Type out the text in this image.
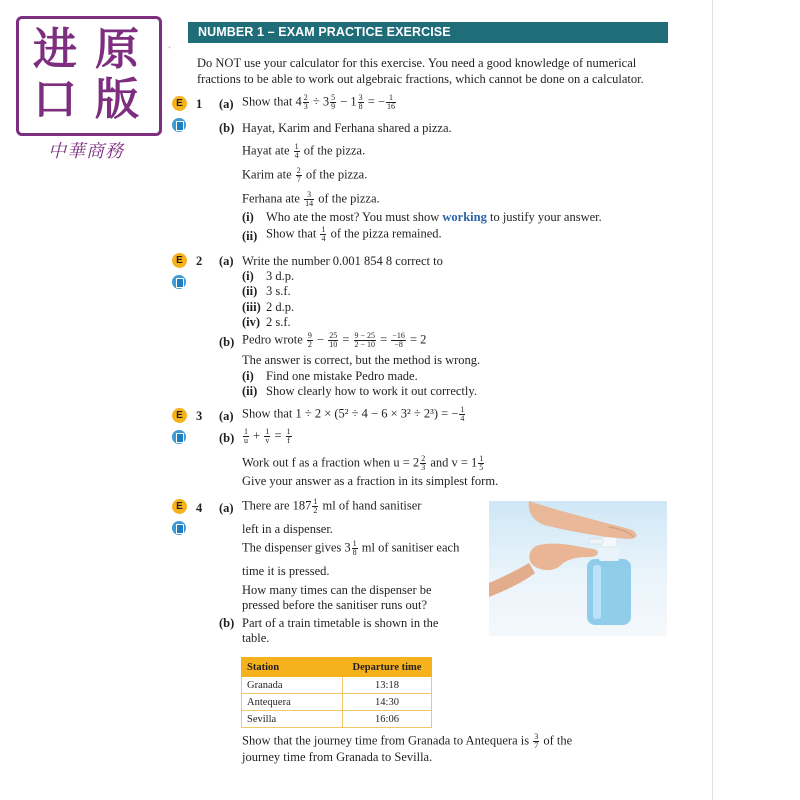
进 原
口 版
中華商務
NUMBER 1 – EXAM PRACTICE EXERCISE
ﾞ
Do NOT use your calculator for this exercise. You need a good knowledge of numerical
fractions to be able to work out algebraic fractions, which cannot be done on a calculator.
E	1 (a) Show that $4 \frac{2}{3} \div 3 \frac{5}{9} - 1 \frac{3}{8}$ = − $\frac{1}{16}$
(b) Hayat, Karim and Ferhana shared a pizza.
Hayat ate $\frac{1}{4}$ of the pizza.
Karim ate $\frac{2}{7}$ of the pizza.
Ferhana ate $\frac{3}{14}$ of the pizza.
(i) Who ate the most? You must show working to justify your answer.
(ii) Show that $\frac{1}{4}$ of the pizza remained.
E	2 (a) Write the number 0.001 854 8 correct to
(i) 3 d.p.
(ii) 3 s.f.
(iii) 2 d.p.
(iv) 2 s.f.
(b) Pedro wrote $\frac{9}{2} - \frac{25}{10} = \frac{9 - 25}{2 - 10} = \frac{-16}{-8} = 2$
The answer is correct, but the method is wrong.
(i) Find one mistake Pedro made.
(ii) Show clearly how to work it out correctly.
E	3 (a) Show that 1 ÷ 2 × (5² ÷ 4 − 6 × 3² ÷ 2³) = − $\frac{1}{4}$
$(b) \frac{1}{u} + \frac{1}{v} = \frac{1}{f}$
Work out f as a fraction when $u = 2 \frac{2}{3}$ and $v = 1 \frac{1}{5}$
Give your answer as a fraction in its simplest form.
E	4 (a) There are $187 \frac{1}{2}$ ml of hand sanitiser
left in a dispenser.
The dispenser gives $3 \frac{1}{8}$ ml of sanitiser each
time it is pressed.
How many times can the dispenser be
pressed before the sanitiser runs out?
(b) Part of a train timetable is shown in the
table.
Station	Departure time
Granada	13:18
Antequera	14:30
Sevilla	16:06
Show that the journey time from Granada to Antequera is $\frac{3}{7}$ of the
journey time from Granada to Sevilla.
